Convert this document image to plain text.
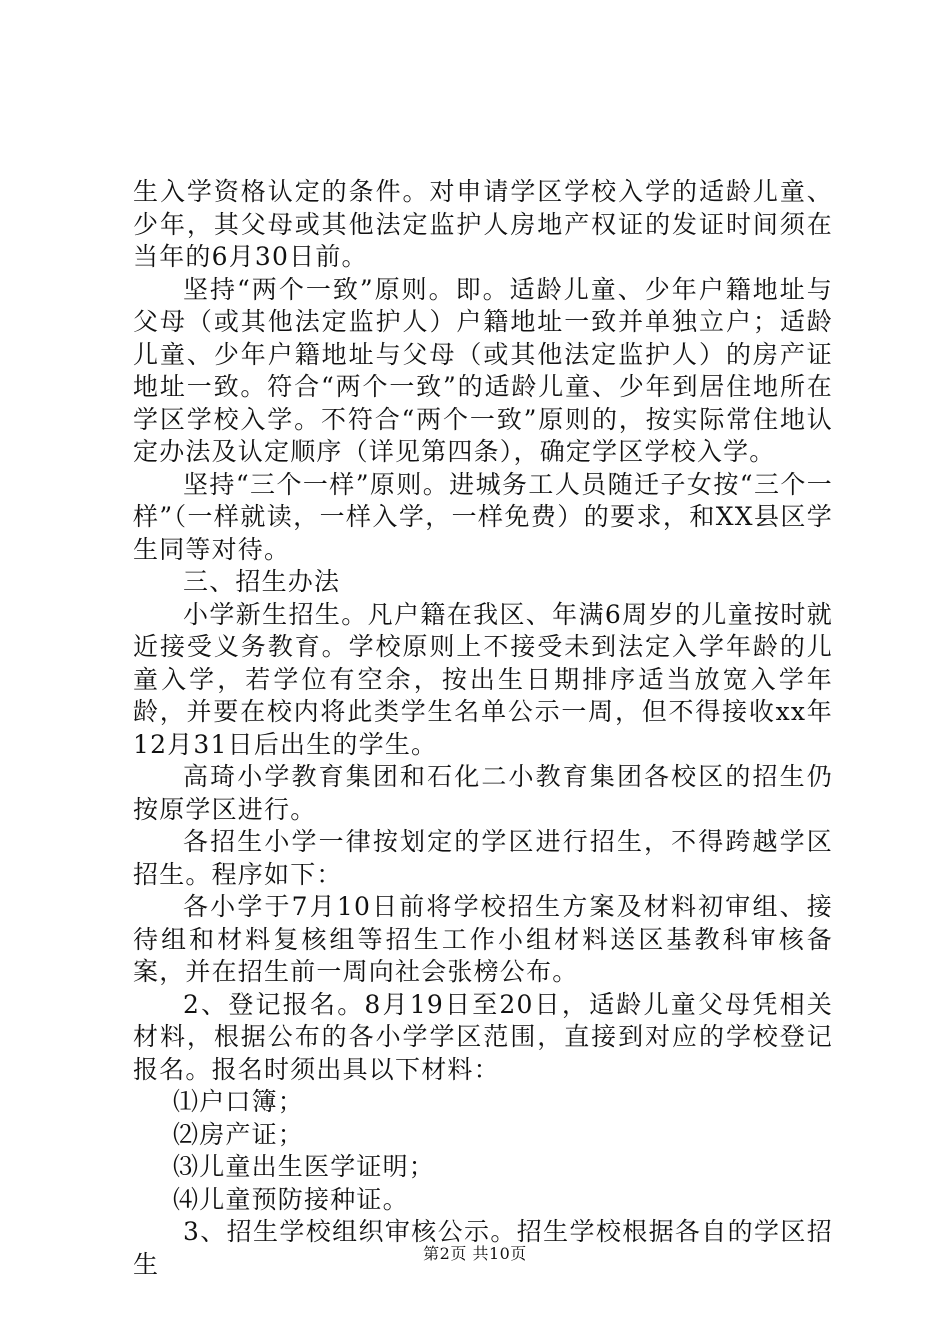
生入学资格认定的条件。对申请学区学校入学的适龄儿童、少年，其父母或其他法定监护人房地产权证的发证时间须在当年的6月30日前。

坚持“两个一致”原则。即。适龄儿童、少年户籍地址与父母（或其他法定监护人）户籍地址一致并单独立户；适龄儿童、少年户籍地址与父母（或其他法定监护人）的房产证地址一致。符合“两个一致”的适龄儿童、少年到居住地所在学区学校入学。不符合“两个一致”原则的，按实际常住地认定办法及认定顺序（详见第四条），确定学区学校入学。

坚持“三个一样”原则。进城务工人员随迁子女按“三个一样”（一样就读，一样入学，一样免费）的要求，和XX县区学生同等对待。

三、招生办法

小学新生招生。凡户籍在我区、年满6周岁的儿童按时就近接受义务教育。学校原则上不接受未到法定入学年龄的儿童入学，若学位有空余，按出生日期排序适当放宽入学年龄，并要在校内将此类学生名单公示一周，但不得接收xx年12月31日后出生的学生。

高琦小学教育集团和石化二小教育集团各校区的招生仍按原学区进行。

各招生小学一律按划定的学区进行招生，不得跨越学区招生。程序如下：

各小学于7月10日前将学校招生方案及材料初审组、接待组和材料复核组等招生工作小组材料送区基教科审核备案，并在招生前一周向社会张榜公布。

2、登记报名。8月19日至20日，适龄儿童父母凭相关材料，根据公布的各小学学区范围，直接到对应的学校登记报名。报名时须出具以下材料：

⑴户口簿；

⑵房产证；

⑶儿童出生医学证明；

⑷儿童预防接种证。

3、招生学校组织审核公示。招生学校根据各自的学区招生	第2页 共10页
